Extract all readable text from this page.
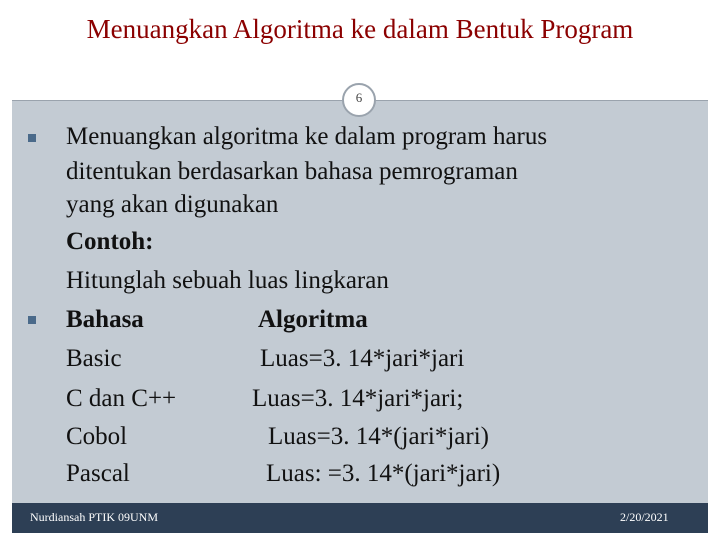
Menuangkan Algoritma ke dalam Bentuk Program
6
Menuangkan algoritma ke dalam program harus
ditentukan berdasarkan bahasa pemrograman
yang akan digunakan
Contoh:
Hitunglah sebuah luas lingkaran
Bahasa	Algoritma
Basic	Luas=3. 14*jari*jari
C dan C++	Luas=3. 14*jari*jari;
Cobol	Luas=3. 14*(jari*jari)
Pascal	Luas: =3. 14*(jari*jari)
Nurdiansah PTIK 09UNM	2/20/2021
